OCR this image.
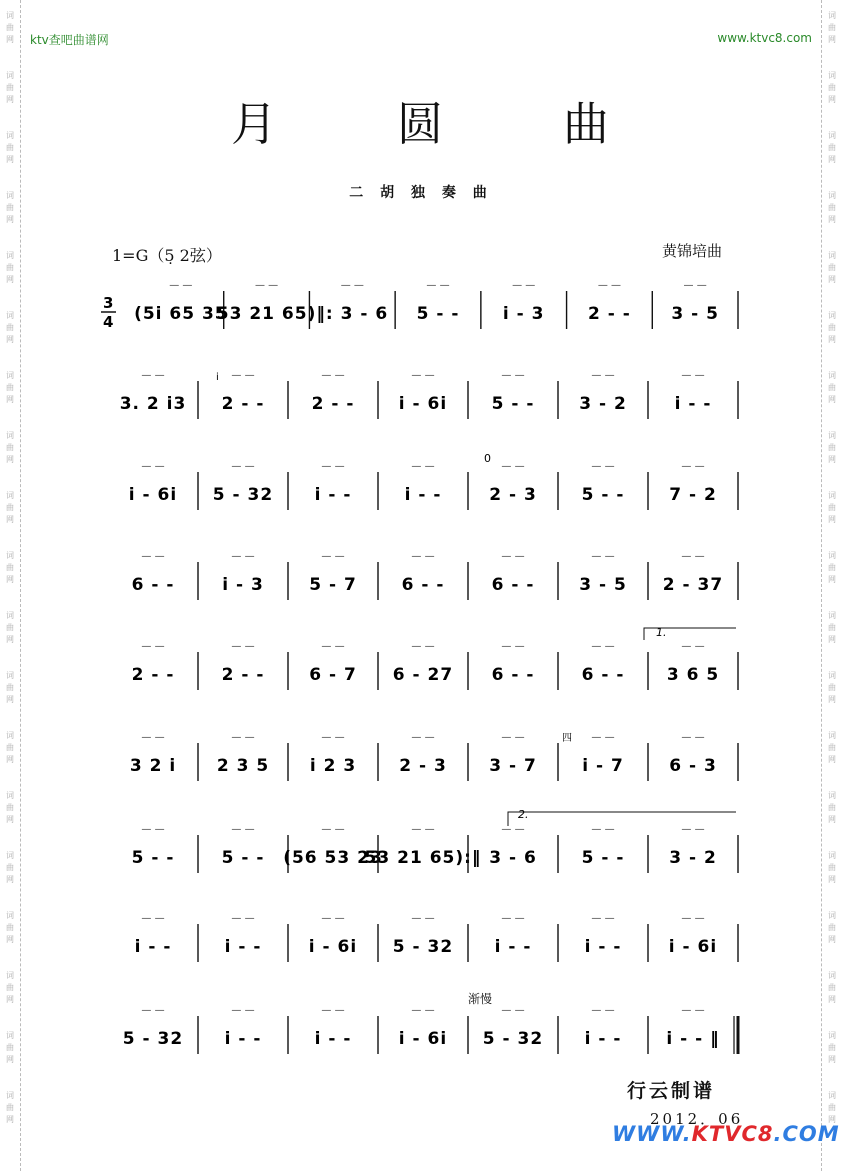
词
曲
网
词
曲
网
词
曲
网
词
曲
网
词
曲
网
词
曲
网
词
曲
网
词
曲
网
词
曲
网
词
曲
网
词
曲
网
词
曲
网
词
曲
网
词
曲
网
词
曲
网
词
曲
网
词
曲
网
词
曲
网
词
曲
网
词
曲
网
词
曲
网
词
曲
网
词
曲
网
词
曲
网
词
曲
网
词
曲
网
词
曲
网
词
曲
网
词
曲
网
词
曲
网
词
曲
网
词
曲
网
词
曲
网
词
曲
网
词
曲
网
词
曲
网
词
曲
网
词
曲
网
ktv查吧曲谱网	www.ktvc8.com
月	圆	曲
二 胡 独 奏 曲
1=G（5̣ 2弦）	黄锦培曲
3
4 (5i 65 35
— —
53 21 65)
— —
‖: 3 - 6
— —
5 - -
— —
i - 3
— —
2 - -
— —
3 - 5
— —
3. 2 i3
— —
2 - -
— —
2 - -
— —
i - 6i
— —
5 - -
— —
3 - 2
— —
i - -
— —
i - 6i
— —
5 - 32
— —
i - -
— —
i - -
— —
2 - 3
— —
5 - -
— —
7 - 2
— —
6 - -
— —
i - 3
— —
5 - 7
— —
6 - -
— —
6 - -
— —
3 - 5
— —
2 - 37
— —
2 - -
— —
2 - -
— —
6 - 7
— —
6 - 27
— —
6 - -
— —
6 - -
— —
3 6 5
— —
3 2 i
— —
2 3 5
— —
i 2 3
— —
2 - 3
— —
3 - 7
— —
i - 7
— —
6 - 3
— —
5 - -
— —
5 - -
— —
(56 53 23
— —
53 21 65):‖
— —
3 - 6
— —
5 - -
— —
3 - 2
— —
i - -
— —
i - -
— —
i - 6i
— —
5 - 32
— —
i - -
— —
i - -
— —
i - 6i
— —
5 - 32
— —
i - -
— —
i - -
— —
i - 6i
— —
5 - 32
— —
i - -
— —
i - - ‖
— —
1.
2.
i
0
四
渐慢
行云制谱
2012．06
WWW.KTVC8.COM
